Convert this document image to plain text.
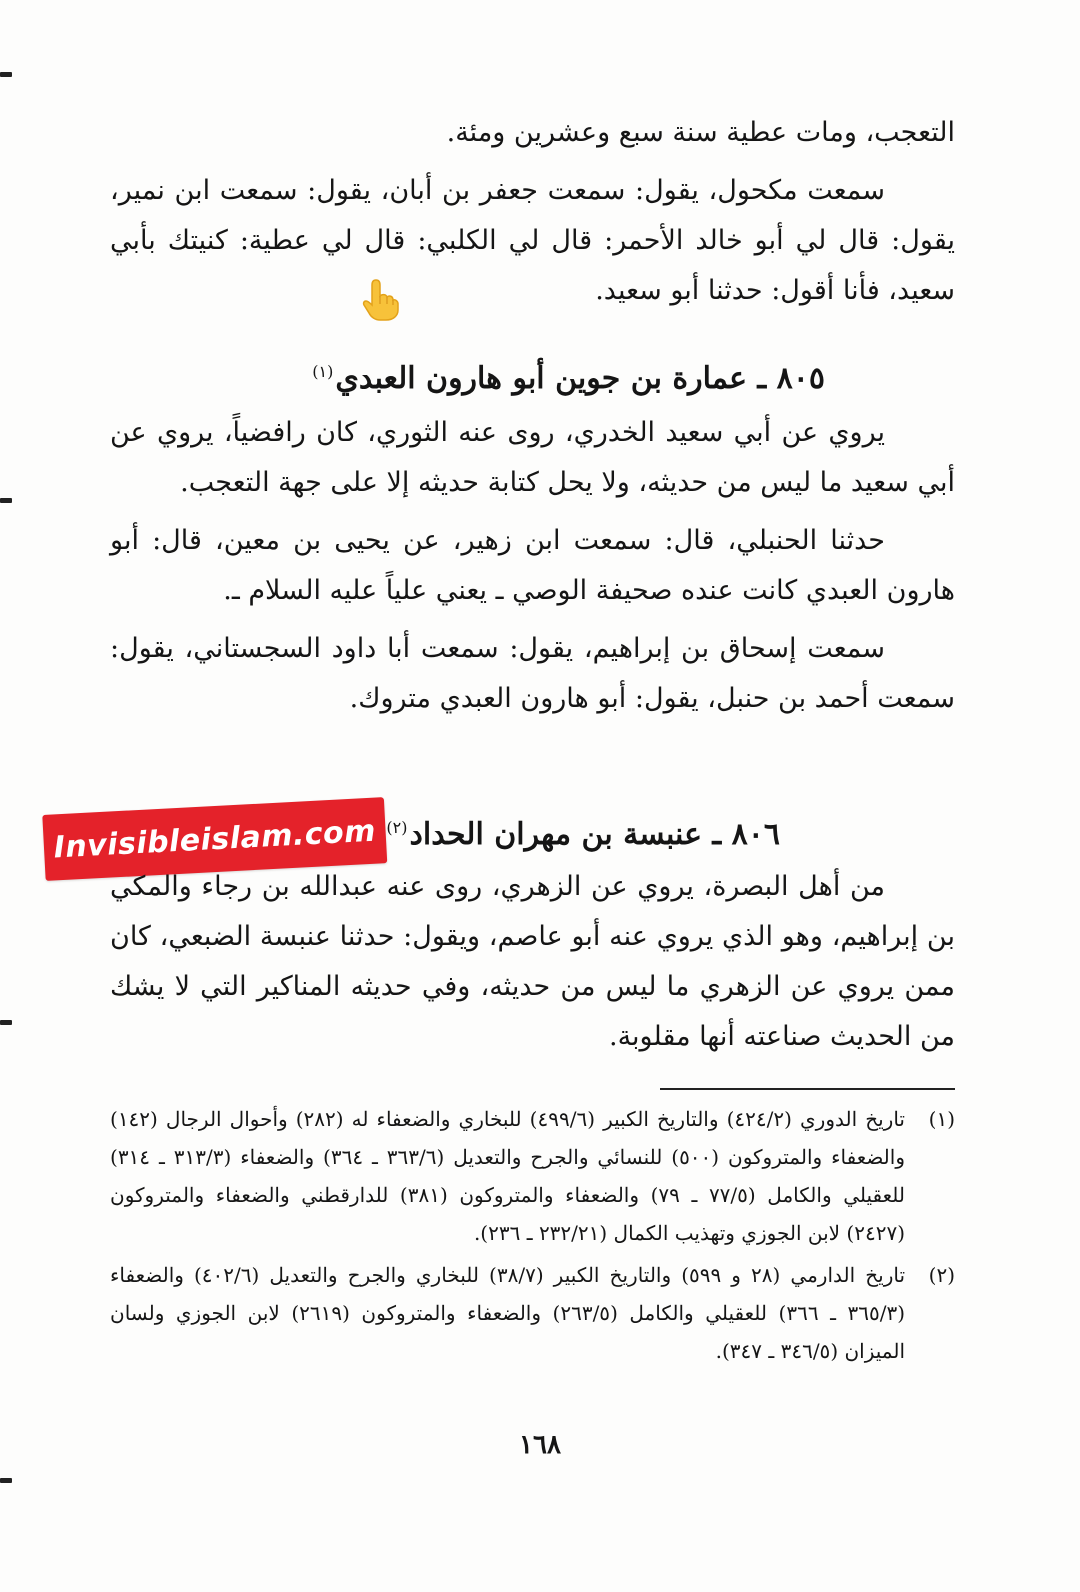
التعجب، ومات عطية سنة سبع وعشرين ومئة.

سمعت مكحول، يقول: سمعت جعفر بن أبان، يقول: سمعت ابن نمير، يقول: قال لي أبو خالد الأحمر: قال لي الكلبي: قال لي عطية: كنيتك بأبي سعيد، فأنا أقول: حدثنا أبو سعيد.

٨٠٥ ـ عمارة بن جوين أبو هارون العبدي$^{(١)}$

يروي عن أبي سعيد الخدري، روى عنه الثوري، كان رافضياً، يروي عن أبي سعيد ما ليس من حديثه، ولا يحل كتابة حديثه إلا على جهة التعجب.

حدثنا الحنبلي، قال: سمعت ابن زهير، عن يحيى بن معين، قال: أبو هارون العبدي كانت عنده صحيفة الوصي ـ يعني علياً عليه السلام ـ.

سمعت إسحاق بن إبراهيم، يقول: سمعت أبا داود السجستاني، يقول: سمعت أحمد بن حنبل، يقول: أبو هارون العبدي متروك.

٨٠٦ ـ عنبسة بن مهران الحداد$^{(٢)}$
Invisibleislam.com

من أهل البصرة، يروي عن الزهري، روى عنه عبدالله بن رجاء والمكي بن إبراهيم، وهو الذي يروي عنه أبو عاصم، ويقول: حدثنا عنبسة الضبعي، كان ممن يروي عن الزهري ما ليس من حديثه، وفي حديثه المناكير التي لا يشك من الحديث صناعته أنها مقلوبة.

(١)
تاريخ الدوري (٤٢٤/٢) والتاريخ الكبير (٤٩٩/٦) للبخاري والضعفاء له (٢٨٢) وأحوال الرجال (١٤٢) والضعفاء والمتروكون (٥٠٠) للنسائي والجرح والتعديل (٣٦٣/٦ ـ ٣٦٤) والضعفاء (٣١٣/٣ ـ ٣١٤) للعقيلي والكامل (٧٧/٥ ـ ٧٩) والضعفاء والمتروكون (٣٨١) للدارقطني والضعفاء والمتروكون (٢٤٢٧) لابن الجوزي وتهذيب الكمال (٢٣٢/٢١ ـ ٢٣٦).
(٢)
تاريخ الدارمي (٢٨ و ٥٩٩) والتاريخ الكبير (٣٨/٧) للبخاري والجرح والتعديل (٤٠٢/٦) والضعفاء (٣٦٥/٣ ـ ٣٦٦) للعقيلي والكامل (٢٦٣/٥) والضعفاء والمتروكون (٢٦١٩) لابن الجوزي ولسان الميزان (٣٤٦/٥ ـ ٣٤٧).
١٦٨
